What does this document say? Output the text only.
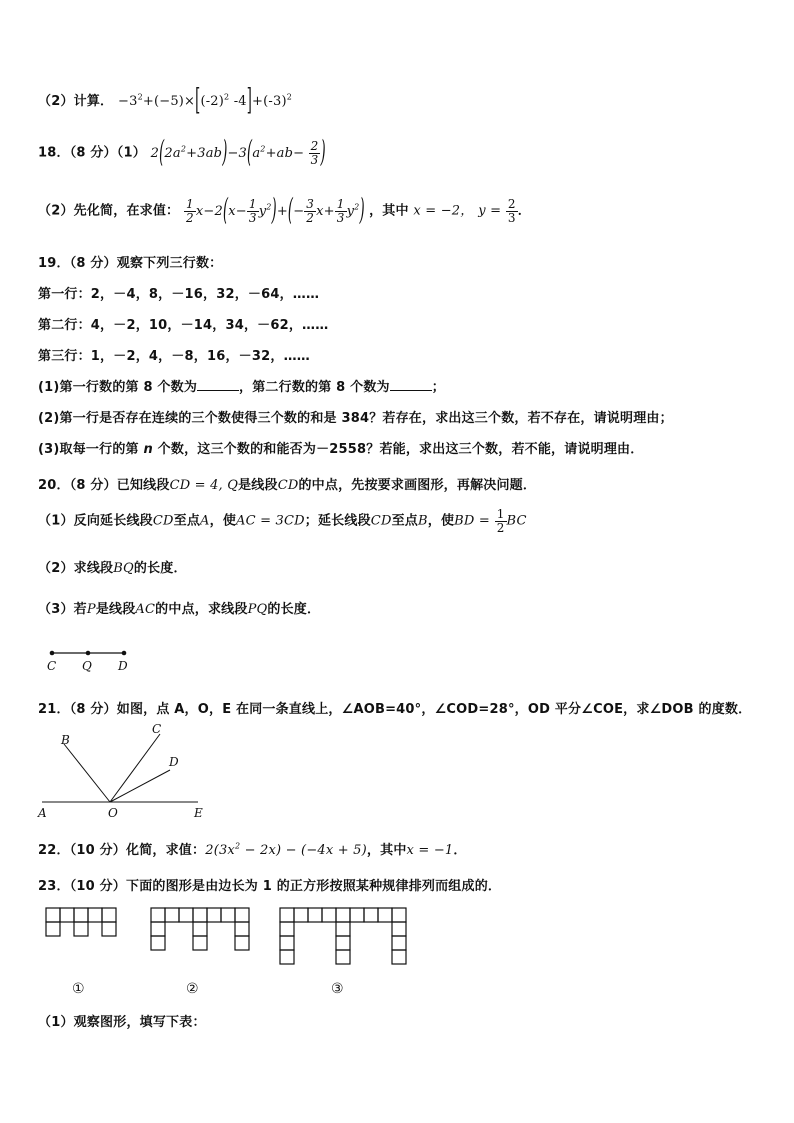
（2）计算． $-3^2+(-5)\times[(-2)^2$ $-4]+(-3)^2$
18．（8 分）（1） $2(2a^2+3ab)-3(a^2+ab- \frac{2}{3}$ )
（2）先化简，在求值： $\frac{1}{2} x-2(x- \frac{1}{3} y^2)+(- \frac{3}{2} x+ \frac{1}{3} y^2)$ ，其中 x = −2， $y = \frac{2}{3}$ ．
19．（8 分）观察下列三行数：
第一行：2，－4，8，－16，32，－64，……
第二行：4，－2，10，－14，34，－62，……
第三行：1，－2，4，－8，16，－32，……
(1)第一行数的第 8 个数为	，第二行数的第 8 个数为	；
(2)第一行是否存在连续的三个数使得三个数的和是 384？若存在，求出这三个数，若不存在，请说明理由；
(3)取每一行的第 n 个数，这三个数的和能否为－2558？若能，求出这三个数，若不能，请说明理由．
20．（8 分）已知线段CD = 4, Q是线段CD的中点，先按要求画图形，再解决问题．
（1）反向延长线段CD至点A，使AC = 3CD；延长线段CD至点B，使BD = $\frac{1}{2}$ BC
（2）求线段BQ的长度．
（3）若P是线段AC的中点，求线段PQ的长度．
C Q D
21．（8 分）如图，点 A，O，E 在同一条直线上，∠AOB=40°，∠COD=28°，OD 平分∠COE，求∠DOB 的度数．
B
C
D
A	O	E
22．（10 分）化简，求值：$2(3x^2 - 2x) - (-4x + 5)$，其中x = −1．
23．（10 分）下面的图形是由边长为 1 的正方形按照某种规律排列而组成的．
①	②	③
（1）观察图形，填写下表：
